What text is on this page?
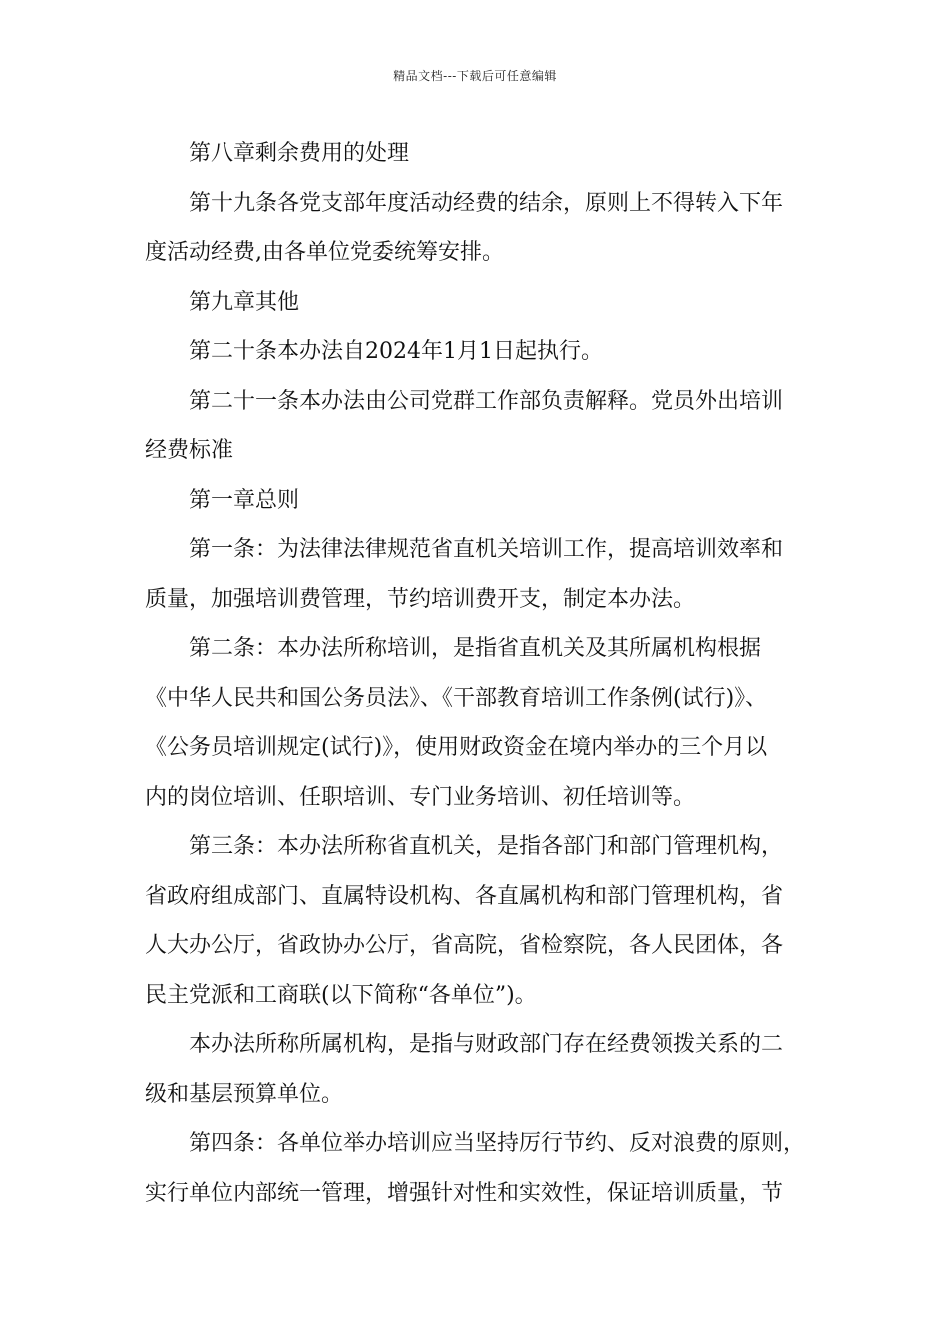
精品文档---下载后可任意编辑
第八章剩余费用的处理
第十九条各党支部年度活动经费的结余，原则上不得转入下年
度活动经费,由各单位党委统筹安排。
第九章其他
第二十条本办法自2024年1月1日起执行。
第二十一条本办法由公司党群工作部负责解释。党员外出培训
经费标准
第一章总则
第一条：为法律法律规范省直机关培训工作，提高培训效率和
质量，加强培训费管理，节约培训费开支，制定本办法。
第二条：本办法所称培训，是指省直机关及其所属机构根据
《中华人民共和国公务员法》、《干部教育培训工作条例(试行)》、
《公务员培训规定(试行)》，使用财政资金在境内举办的三个月以
内的岗位培训、任职培训、专门业务培训、初任培训等。
第三条：本办法所称省直机关，是指各部门和部门管理机构，
省政府组成部门、直属特设机构、各直属机构和部门管理机构，省
人大办公厅，省政协办公厅，省高院，省检察院，各人民团体，各
民主党派和工商联(以下简称“各单位”)。
本办法所称所属机构，是指与财政部门存在经费领拨关系的二
级和基层预算单位。
第四条：各单位举办培训应当坚持厉行节约、反对浪费的原则，
实行单位内部统一管理，增强针对性和实效性，保证培训质量，节
